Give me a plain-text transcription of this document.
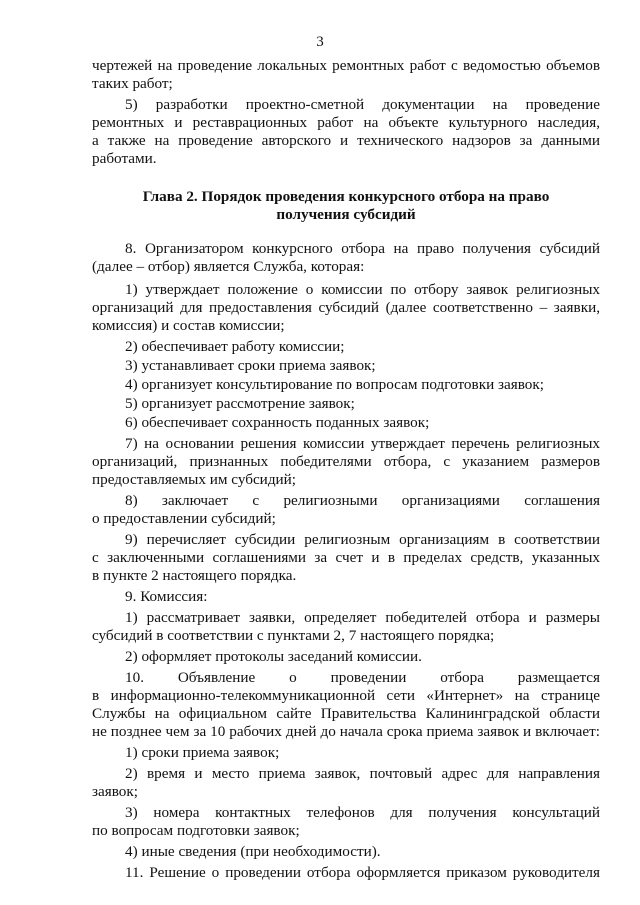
3
чертежей на проведение локальных ремонтных работ с ведомостью объемов
таких работ;
5) разработки проектно-сметной документации на проведение
ремонтных и реставрационных работ на объекте культурного наследия,
а также на проведение авторского и технического надзоров за данными
работами.
Глава 2. Порядок проведения конкурсного отбора на право
получения субсидий
8. Организатором конкурсного отбора на право получения субсидий
(далее – отбор) является Служба, которая:
1) утверждает положение о комиссии по отбору заявок религиозных
организаций для предоставления субсидий (далее соответственно – заявки,
комиссия) и состав комиссии;
2) обеспечивает работу комиссии;
3) устанавливает сроки приема заявок;
4) организует консультирование по вопросам подготовки заявок;
5) организует рассмотрение заявок;
6) обеспечивает сохранность поданных заявок;
7) на основании решения комиссии утверждает перечень религиозных
организаций, признанных победителями отбора, с указанием размеров
предоставляемых им субсидий;
8) заключает с религиозными организациями соглашения
о предоставлении субсидий;
9) перечисляет субсидии религиозным организациям в соответствии
с заключенными соглашениями за счет и в пределах средств, указанных
в пункте 2 настоящего порядка.
9. Комиссия:
1) рассматривает заявки, определяет победителей отбора и размеры
субсидий в соответствии с пунктами 2, 7 настоящего порядка;
2) оформляет протоколы заседаний комиссии.
10. Объявление о проведении отбора размещается
в информационно-телекоммуникационной сети «Интернет» на странице
Службы на официальном сайте Правительства Калининградской области
не позднее чем за 10 рабочих дней до начала срока приема заявок и включает:
1) сроки приема заявок;
2) время и место приема заявок, почтовый адрес для направления
заявок;
3) номера контактных телефонов для получения консультаций
по вопросам подготовки заявок;
4) иные сведения (при необходимости).
11. Решение о проведении отбора оформляется приказом руководителя
